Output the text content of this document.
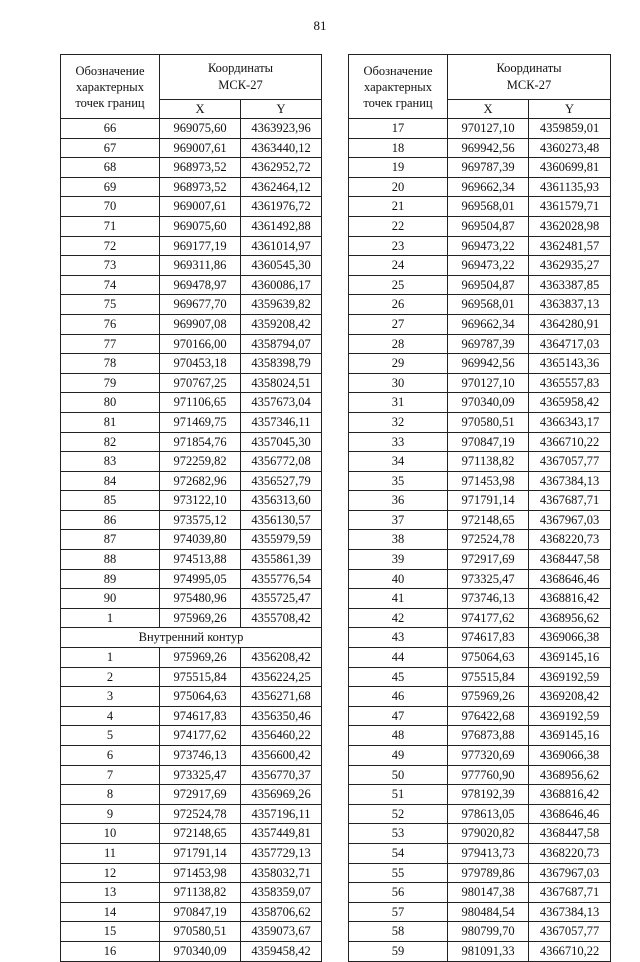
81
Обозначение
характерных
точек границ	Координаты
МСК-27	
	X	Y
66	969075,60	4363923,96
67	969007,61	4363440,12
68	968973,52	4362952,72
69	968973,52	4362464,12
70	969007,61	4361976,72
71	969075,60	4361492,88
72	969177,19	4361014,97
73	969311,86	4360545,30
74	969478,97	4360086,17
75	969677,70	4359639,82
76	969907,08	4359208,42
77	970166,00	4358794,07
78	970453,18	4358398,79
79	970767,25	4358024,51
80	971106,65	4357673,04
81	971469,75	4357346,11
82	971854,76	4357045,30
83	972259,82	4356772,08
84	972682,96	4356527,79
85	973122,10	4356313,60
86	973575,12	4356130,57
87	974039,80	4355979,59
88	974513,88	4355861,39
89	974995,05	4355776,54
90	975480,96	4355725,47
1	975969,26	4355708,42
Внутренний контур		
1	975969,26	4356208,42
2	975515,84	4356224,25
3	975064,63	4356271,68
4	974617,83	4356350,46
5	974177,62	4356460,22
6	973746,13	4356600,42
7	973325,47	4356770,37
8	972917,69	4356969,26
9	972524,78	4357196,11
10	972148,65	4357449,81
11	971791,14	4357729,13
12	971453,98	4358032,71
13	971138,82	4358359,07
14	970847,19	4358706,62
15	970580,51	4359073,67
16	970340,09	4359458,42
Обозначение
характерных
точек границ	Координаты
МСК-27	
	X	Y
17	970127,10	4359859,01
18	969942,56	4360273,48
19	969787,39	4360699,81
20	969662,34	4361135,93
21	969568,01	4361579,71
22	969504,87	4362028,98
23	969473,22	4362481,57
24	969473,22	4362935,27
25	969504,87	4363387,85
26	969568,01	4363837,13
27	969662,34	4364280,91
28	969787,39	4364717,03
29	969942,56	4365143,36
30	970127,10	4365557,83
31	970340,09	4365958,42
32	970580,51	4366343,17
33	970847,19	4366710,22
34	971138,82	4367057,77
35	971453,98	4367384,13
36	971791,14	4367687,71
37	972148,65	4367967,03
38	972524,78	4368220,73
39	972917,69	4368447,58
40	973325,47	4368646,46
41	973746,13	4368816,42
42	974177,62	4368956,62
43	974617,83	4369066,38
44	975064,63	4369145,16
45	975515,84	4369192,59
46	975969,26	4369208,42
47	976422,68	4369192,59
48	976873,88	4369145,16
49	977320,69	4369066,38
50	977760,90	4368956,62
51	978192,39	4368816,42
52	978613,05	4368646,46
53	979020,82	4368447,58
54	979413,73	4368220,73
55	979789,86	4367967,03
56	980147,38	4367687,71
57	980484,54	4367384,13
58	980799,70	4367057,77
59	981091,33	4366710,22
